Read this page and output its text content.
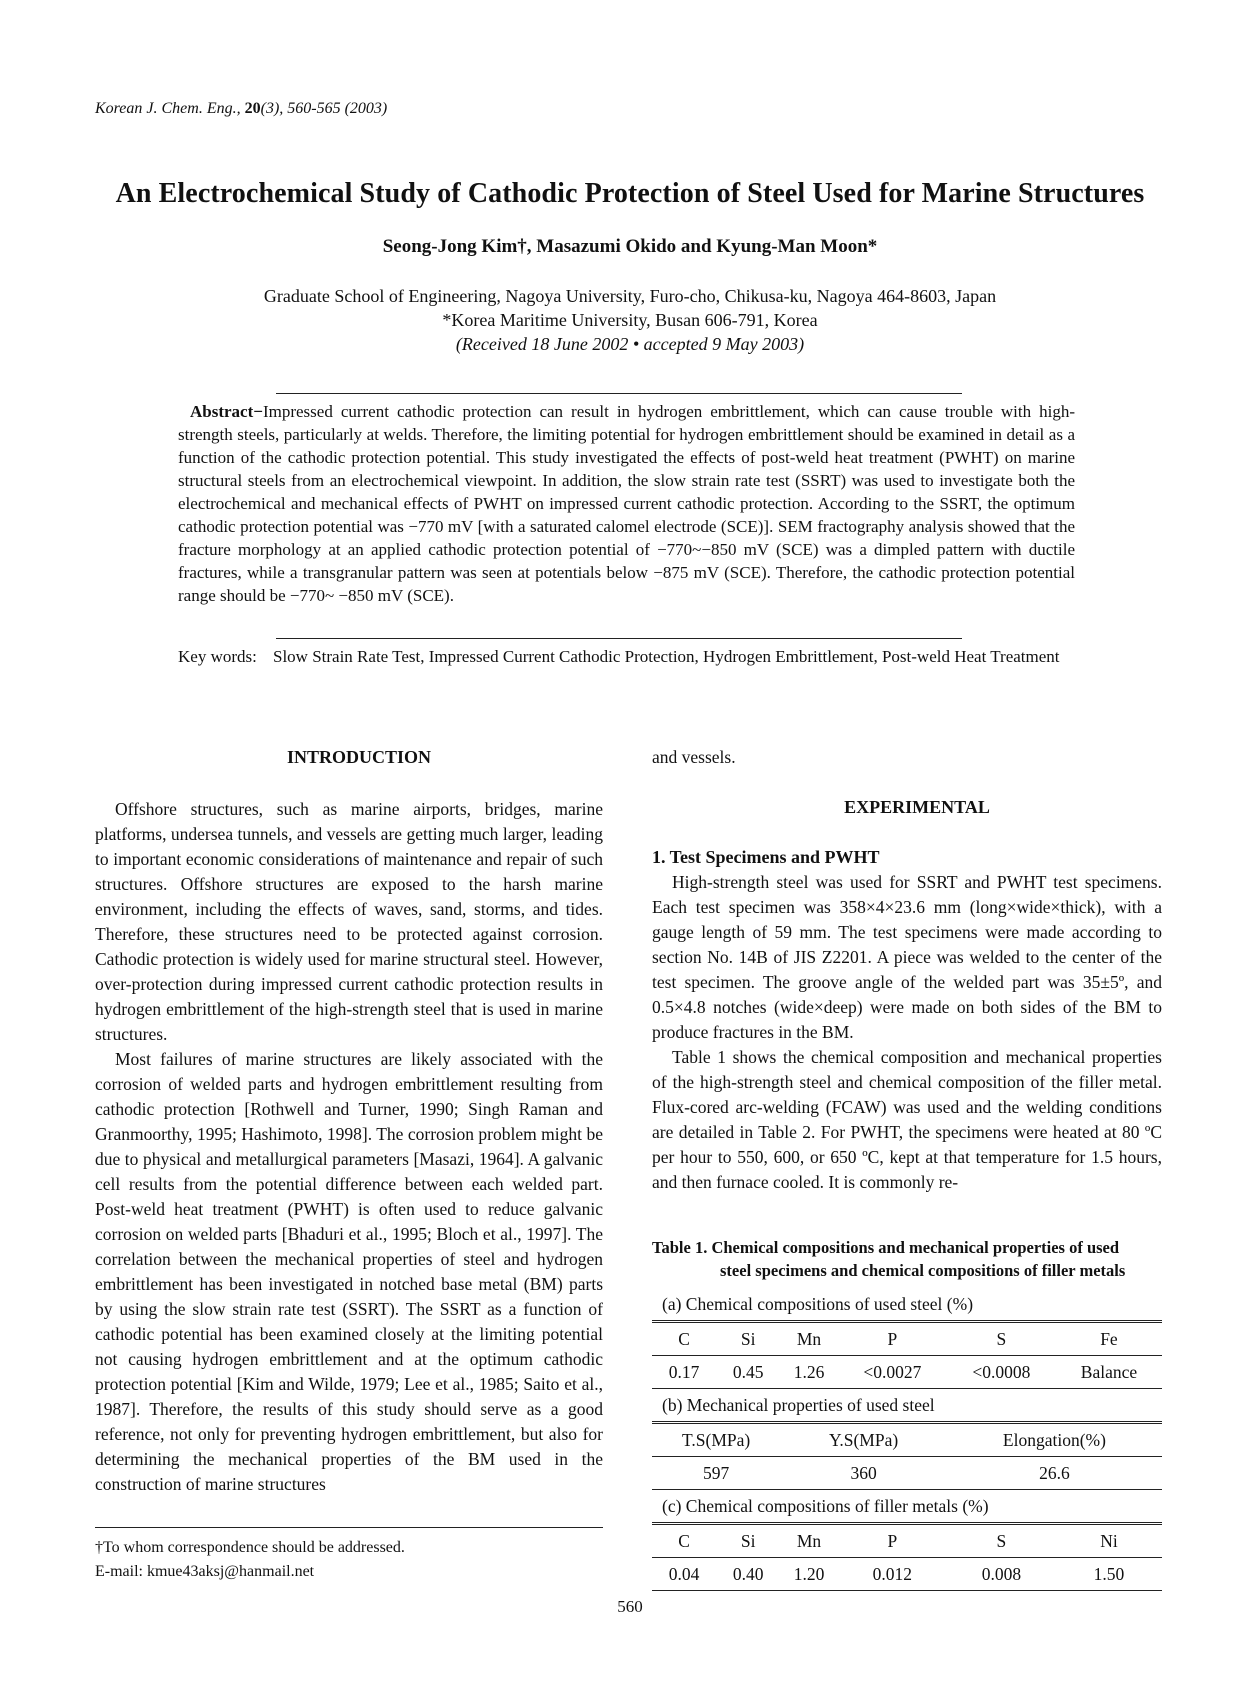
Korean J. Chem. Eng., 20(3), 560-565 (2003)
An Electrochemical Study of Cathodic Protection of Steel Used for Marine Structures
Seong-Jong Kim†, Masazumi Okido and Kyung-Man Moon*
Graduate School of Engineering, Nagoya University, Furo-cho, Chikusa-ku, Nagoya 464-8603, Japan
*Korea Maritime University, Busan 606-791, Korea
(Received 18 June 2002 • accepted 9 May 2003)
Abstract−Impressed current cathodic protection can result in hydrogen embrittlement, which can cause trouble with high-strength steels, particularly at welds. Therefore, the limiting potential for hydrogen embrittlement should be examined in detail as a function of the cathodic protection potential. This study investigated the effects of post-weld heat treatment (PWHT) on marine structural steels from an electrochemical viewpoint. In addition, the slow strain rate test (SSRT) was used to investigate both the electrochemical and mechanical effects of PWHT on impressed current cathodic protection. According to the SSRT, the optimum cathodic protection potential was −770 mV [with a saturated calomel electrode (SCE)]. SEM fractography analysis showed that the fracture morphology at an applied cathodic protection potential of −770~−850 mV (SCE) was a dimpled pattern with ductile fractures, while a transgranular pattern was seen at potentials below −875 mV (SCE). Therefore, the cathodic protection potential range should be −770~ −850 mV (SCE).
Key words: Slow Strain Rate Test, Impressed Current Cathodic Protection, Hydrogen Embrittlement, Post-weld Heat Treatment

INTRODUCTION

Offshore structures, such as marine airports, bridges, marine platforms, undersea tunnels, and vessels are getting much larger, leading to important economic considerations of maintenance and repair of such structures. Offshore structures are exposed to the harsh marine environment, including the effects of waves, sand, storms, and tides. Therefore, these structures need to be protected against corrosion. Cathodic protection is widely used for marine structural steel. However, over-protection during impressed current cathodic protection results in hydrogen embrittlement of the high-strength steel that is used in marine structures.

Most failures of marine structures are likely associated with the corrosion of welded parts and hydrogen embrittlement resulting from cathodic protection [Rothwell and Turner, 1990; Singh Raman and Granmoorthy, 1995; Hashimoto, 1998]. The corrosion problem might be due to physical and metallurgical parameters [Masazi, 1964]. A galvanic cell results from the potential difference between each welded part. Post-weld heat treatment (PWHT) is often used to reduce galvanic corrosion on welded parts [Bhaduri et al., 1995; Bloch et al., 1997]. The correlation between the mechanical properties of steel and hydrogen embrittlement has been investigated in notched base metal (BM) parts by using the slow strain rate test (SSRT). The SSRT as a function of cathodic potential has been examined closely at the limiting potential not causing hydrogen embrittlement and at the optimum cathodic protection potential [Kim and Wilde, 1979; Lee et al., 1985; Saito et al., 1987]. Therefore, the results of this study should serve as a good reference, not only for preventing hydrogen embrittlement, but also for determining the mechanical properties of the BM used in the construction of marine structures

†To whom correspondence should be addressed.
E-mail: kmue43aksj@hanmail.net

and vessels.

EXPERIMENTAL

1. Test Specimens and PWHT

High-strength steel was used for SSRT and PWHT test specimens. Each test specimen was 358×4×23.6 mm (long×wide×thick), with a gauge length of 59 mm. The test specimens were made according to section No. 14B of JIS Z2201. A piece was welded to the center of the test specimen. The groove angle of the welded part was 35±5º, and 0.5×4.8 notches (wide×deep) were made on both sides of the BM to produce fractures in the BM.

Table 1 shows the chemical composition and mechanical properties of the high-strength steel and chemical composition of the filler metal. Flux-cored arc-welding (FCAW) was used and the welding conditions are detailed in Table 2. For PWHT, the specimens were heated at 80 ºC per hour to 550, 600, or 650 ºC, kept at that temperature for 1.5 hours, and then furnace cooled. It is commonly re-

Table 1. Chemical compositions and mechanical properties of used
steel specimens and chemical compositions of filler metals
(a) Chemical compositions of used steel (%)					
C	Si	Mn	P	S	Fe
0.17	0.45	1.26	<0.0027	<0.0008	Balance
(b) Mechanical properties of used steel					
T.S(MPa)		Y.S(MPa)		Elongation(%)	
597		360		26.6	
(c) Chemical compositions of filler metals (%)					
C	Si	Mn	P	S	Ni
0.04	0.40	1.20	0.012	0.008	1.50
560
